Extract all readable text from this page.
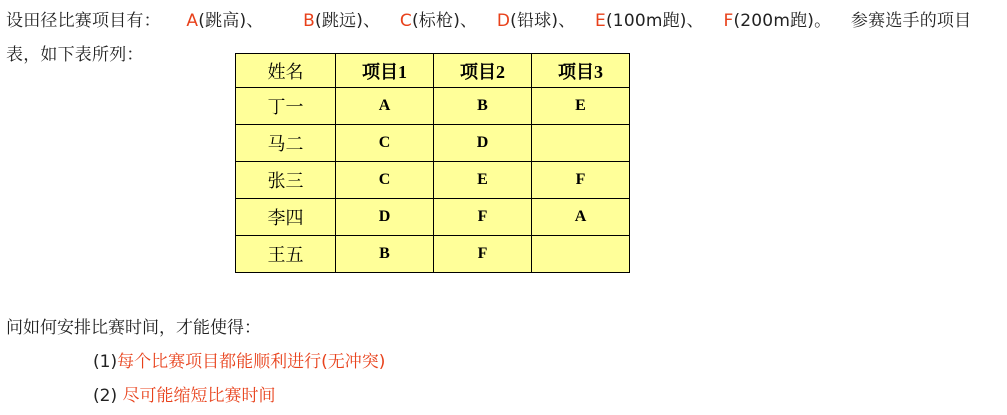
设田径比赛项目有： A(跳高)、 B(跳远)、 C(标枪)、 D(铅球)、 E(100m跑)、 F(200m跑)。 参赛选手的项目
表，如下表所列：
姓名	项目1	项目2	项目3
丁一	A	B	E
马二	C	D	
张三	C	E	F
李四	D	F	A
王五	B	F	
问如何安排比赛时间，才能使得：
(1)每个比赛项目都能顺利进行(无冲突)
(2) 尽可能缩短比赛时间
